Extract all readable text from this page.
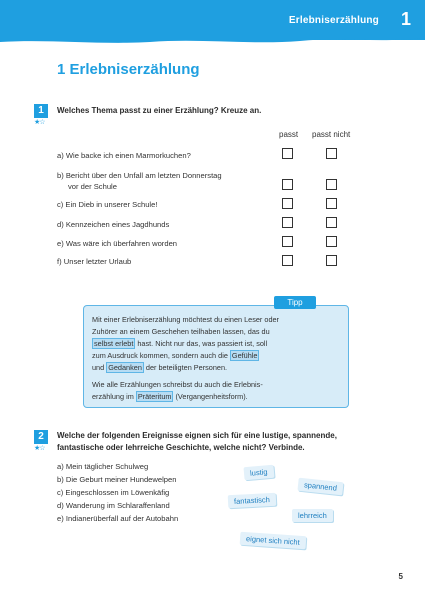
Erlebniserzählung 1
1 Erlebniserzählung
1
★☆
Welches Thema passt zu einer Erzählung? Kreuze an.
passt passt nicht
a) Wie backe ich einen Marmorkuchen?
b) Bericht über den Unfall am letzten Donnerstag
vor der Schule
c) Ein Dieb in unserer Schule!
d) Kennzeichen eines Jagdhunds
e) Was wäre ich überfahren worden
f) Unser letzter Urlaub
Tipp
Mit einer Erlebniserzählung möchtest du einen Leser oder
Zuhörer an einem Geschehen teilhaben lassen, das du
selbst erlebt hast. Nicht nur das, was passiert ist, soll
zum Ausdruck kommen, sondern auch die Gefühle
und Gedanken der beteiligten Personen.
Wie alle Erzählungen schreibst du auch die Erlebnis-
erzählung im Präteritum (Vergangenheitsform).
2
★☆
Welche der folgenden Ereignisse eignen sich für eine lustige, spannende,
fantastische oder lehrreiche Geschichte, welche nicht? Verbinde.
a) Mein täglicher Schulweg
b) Die Geburt meiner Hundewelpen
c) Eingeschlossen im Löwenkäfig
d) Wanderung im Schlaraffenland
e) Indianerüberfall auf der Autobahn
lustig
spannend
fantastisch
lehrreich
eignet sich nicht
5
